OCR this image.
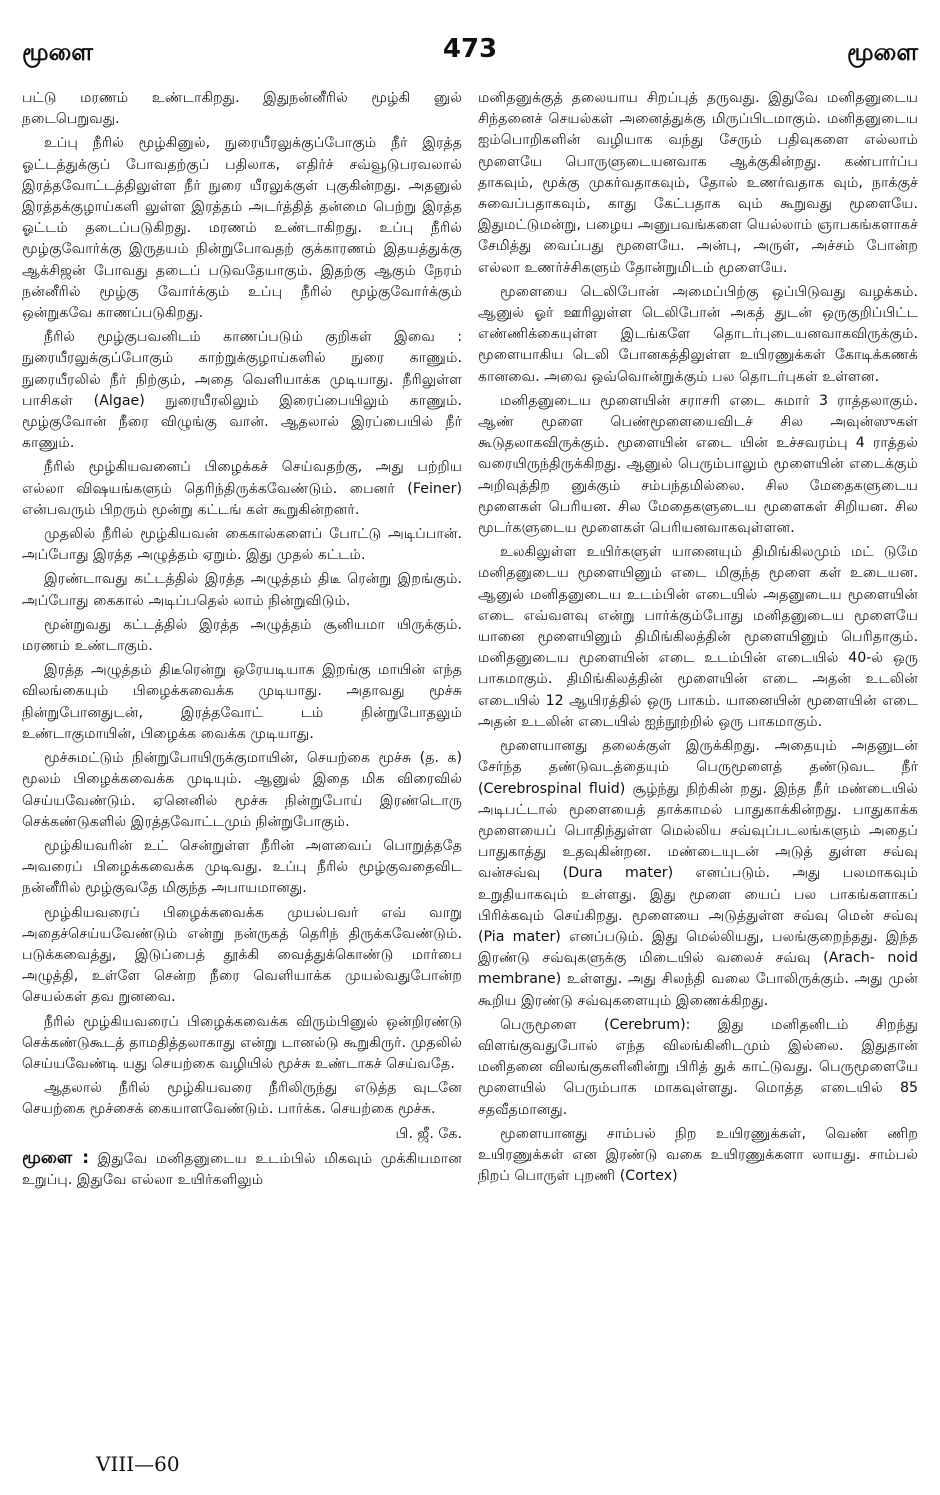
மூளை	473	மூளை

பட்டு மரணம் உண்டாகிறது. இதுநன்னீரில் மூழ்கி னுல் நடைபெறுவது.

உப்பு நீரில் மூழ்கினுல், நுரையீரலுக்குப்போகும் நீர் இரத்த ஓட்டத்துக்குப் போவதற்குப் பதிலாக, எதிர்ச் சவ்வூடுபரவலால் இரத்தவோட்டத்திலுள்ள நீர் நுரை யீரலுக்குள் புகுகின்றது. அதனுல் இரத்தக்குழாய்களி லுள்ள இரத்தம் அடர்த்தித் தன்மை பெற்று இரத்த ஓட்டம் தடைப்படுகிறது. மரணம் உண்டாகிறது. உப்பு நீரில் மூழ்குவோர்க்கு இருதயம் நின்றுபோவதற் குக்காரணம் இதயத்துக்கு ஆக்சிஜன் போவது தடைப் படுவதேயாகும். இதற்கு ஆகும் நேரம் நன்னீரில் மூழ்கு வோர்க்கும் உப்பு நீரில் மூழ்குவோர்க்கும் ஒன்றுகவே காணப்படுகிறது.

நீரில் மூழ்குபவனிடம் காணப்படும் குறிகள் இவை : நுரையீரலுக்குப்போகும் காற்றுக்குழாய்களில் நுரை காணும். நுரையீரலில் நீர் நிற்கும், அதை வெளியாக்க முடியாது. நீரிலுள்ள பாசிகள் (Algae) நுரையீரலிலும் இரைப்பையிலும் காணும். மூழ்குவோன் நீரை விழுங்கு வான். ஆதலால் இரப்பையில் நீர் காணும்.

நீரில் மூழ்கியவனைப் பிழைக்கச் செய்வதற்கு, அது பற்றிய எல்லா விஷயங்களும் தெரிந்திருக்கவேண்டும். பைனர் (Feiner) என்பவரும் பிறரும் மூன்று கட்டங் கள் கூறுகின்றனர்.

முதலில் நீரில் மூழ்கியவன் கைகால்களைப் போட்டு அடிப்பான். அப்போது இரத்த அழுத்தம் ஏறும். இது முதல் கட்டம்.

இரண்டாவது கட்டத்தில் இரத்த அழுத்தம் திடீ ரென்று இறங்கும். அப்போது கைகால் அடிப்பதெல் லாம் நின்றுவிடும்.

மூன்றுவது கட்டத்தில் இரத்த அழுத்தம் சூனியமா யிருக்கும். மரணம் உண்டாகும்.

இரத்த அழுத்தம் திடீரென்று ஒரேயடியாக இறங்கு மாயின் எந்த விலங்கையும் பிழைக்கவைக்க முடியாது. அதாவது மூச்சு நின்றுபோனதுடன், இரத்தவோட் டம் நின்றுபோதலும் உண்டாகுமாயின், பிழைக்க வைக்க முடியாது.

மூச்சுமட்டும் நின்றுபோயிருக்குமாயின், செயற்கை மூச்சு (த. க) மூலம் பிழைக்கவைக்க முடியும். ஆனுல் இதை மிக விரைவில் செய்யவேண்டும். ஏனெனில் மூச்சு நின்றுபோய் இரண்டொரு செக்கண்டுகளில் இரத்தவோட்டமும் நின்றுபோகும்.

மூழ்கியவரின் உட் சென்றுள்ள நீரின் அளவைப் பொறுத்ததே அவரைப் பிழைக்கவைக்க முடிவது. உப்பு நீரில் மூழ்குவதைவிட நன்னீரில் மூழ்குவதே மிகுந்த அபாயமானது.

மூழ்கியவரைப் பிழைக்கவைக்க முயல்பவர் எவ் வாறு அதைச்செய்யவேண்டும் என்று நன்ருகத் தெரிந் திருக்கவேண்டும். படுக்கவைத்து, இடுப்பைத் தூக்கி வைத்துக்கொண்டு மார்பை அழுத்தி, உள்ளே சென்ற நீரை வெளியாக்க முயல்வதுபோன்ற செயல்கள் தவ றுனவை.

நீரில் மூழ்கியவரைப் பிழைக்கவைக்க விரும்பினுல் ஒன்றிரண்டு செக்கண்டுகூடத் தாமதித்தலாகாது என்று டானல்டு கூறுகிருர். முதலில் செய்யவேண்டி யது செயற்கை வழியில் மூச்சு உண்டாகச் செய்வதே.

ஆதலால் நீரில் மூழ்கியவரை நீரிலிருந்து எடுத்த வுடனே செயற்கை மூச்சைக் கையாளவேண்டும். பார்க்க. செயற்கை மூச்சு.

பி. ஜீ. கே.

மூளை : இதுவே மனிதனுடைய உடம்பில் மிகவும் முக்கியமான உறுப்பு. இதுவே எல்லா உயிர்களிலும்

மனிதனுக்குத் தலையாய சிறப்புத் தருவது. இதுவே மனிதனுடைய சிந்தனைச் செயல்கள் அனைத்துக்கு மிருப்பிடமாகும். மனிதனுடைய ஐம்பொறிகளின் வழியாக வந்து சேரும் பதிவுகளை எல்லாம் மூளையே பொருளுடையனவாக ஆக்குகின்றது. கண்பார்ப்ப தாகவும், மூக்கு முகர்வதாகவும், தோல் உணர்வதாக வும், நாக்குச் சுவைப்பதாகவும், காது கேட்பதாக வும் கூறுவது மூளையே. இதுமட்டுமன்று, பழைய அனுபவங்களை யெல்லாம் ஞாபகங்களாகச் சேமித்து வைப்பது மூளையே. அன்பு, அருள், அச்சம் போன்ற எல்லா உணர்ச்சிகளும் தோன்றுமிடம் மூளையே.

மூளையை டெலிபோன் அமைப்பிற்கு ஒப்பிடுவது வழக்கம். ஆனுல் ஓர் ஊரிலுள்ள டெலிபோன் அகத் துடன் ஒருகுறிப்பிட்ட எண்ணிக்கையுள்ள இடங்களே தொடர்புடையனவாகவிருக்கும். மூளையாகிய டெலி போனகத்திலுள்ள உயிரணுக்கள் கோடிக்கணக் கானவை. அவை ஒவ்வொன்றுக்கும் பல தொடர்புகள் உள்ளன.

மனிதனுடைய மூளையின் சராசரி எடை சுமார் 3 ராத்தலாகும். ஆண் மூளை பெண்மூளையைவிடச் சில அவுன்ஸுகள் கூடுதலாகவிருக்கும். மூளையின் எடை யின் உச்சவரம்பு 4 ராத்தல் வரையிருந்திருக்கிறது. ஆனுல் பெரும்பாலும் மூளையின் எடைக்கும் அறிவுத்திற னுக்கும் சம்பந்தமில்லை. சில மேதைகளுடைய மூளைகள் பெரியன. சில மேதைகளுடைய மூளைகள் சிறியன. சில மூடர்களுடைய மூளைகள் பெரியனவாகவுள்ளன.

உலகிலுள்ள உயிர்களுள் யானையும் திமிங்கிலமும் மட் டுமே மனிதனுடைய மூளையினும் எடை மிகுந்த மூளை கள் உடையன. ஆனுல் மனிதனுடைய உடம்பின் எடையில் அதனுடைய மூளையின் எடை எவ்வளவு என்று பார்க்கும்போது மனிதனுடைய மூளையே யானை மூளையினும் திமிங்கிலத்தின் மூளையினும் பெரிதாகும். மனிதனுடைய மூளையின் எடை உடம்பின் எடையில் 40-ல் ஒரு பாகமாகும். திமிங்கிலத்தின் மூளையின் எடை அதன் உடலின் எடையில் 12 ஆயிரத்தில் ஒரு பாகம். யானையின் மூளையின் எடை அதன் உடலின் எடையில் ஐந்நூற்றில் ஒரு பாகமாகும்.

மூளையானது தலைக்குள் இருக்கிறது. அதையும் அதனுடன் சேர்ந்த தண்டுவடத்தையும் பெருமூளைத் தண்டுவட நீர் (Cerebrospinal fluid) சூழ்ந்து நிற்கின் றது. இந்த நீர் மண்டையில் அடிபட்டால் மூளையைத் தாக்காமல் பாதுகாக்கின்றது. பாதுகாக்க மூளையைப் பொதிந்துள்ள மெல்லிய சவ்வுப்படலங்களும் அதைப் பாதுகாத்து உதவுகின்றன. மண்டையுடன் அடுத் துள்ள சவ்வு வன்சவ்வு (Dura mater) எனப்படும். அது பலமாகவும் உறுதியாகவும் உள்ளது. இது மூளை யைப் பல பாகங்களாகப் பிரிக்கவும் செய்கிறது. மூளையை அடுத்துள்ள சவ்வு மென் சவ்வு (Pia mater) எனப்படும். இது மெல்லியது, பலங்குறைந்தது. இந்த இரண்டு சவ்வுகளுக்கு மிடையில் வலைச் சவ்வு (Arach- noid membrane) உள்ளது. அது சிலந்தி வலை போலிருக்கும். அது முன் கூறிய இரண்டு சவ்வுகளையும் இணைக்கிறது.

பெருமூளை (Cerebrum): இது மனிதனிடம் சிறந்து விளங்குவதுபோல் எந்த விலங்கினிடமும் இல்லை. இதுதான் மனிதனை விலங்குகளினின்று பிரித் துக் காட்டுவது. பெருமூளையே மூளையில் பெரும்பாக மாகவுள்ளது. மொத்த எடையில் 85 சதவீதமானது.

மூளையானது சாம்பல் நிற உயிரணுக்கள், வெண் ணிற உயிரணுக்கள் என இரண்டு வகை உயிரணுக்களா லாயது. சாம்பல் நிறப் பொருள் புறணி (Cortex)

VIII—60
